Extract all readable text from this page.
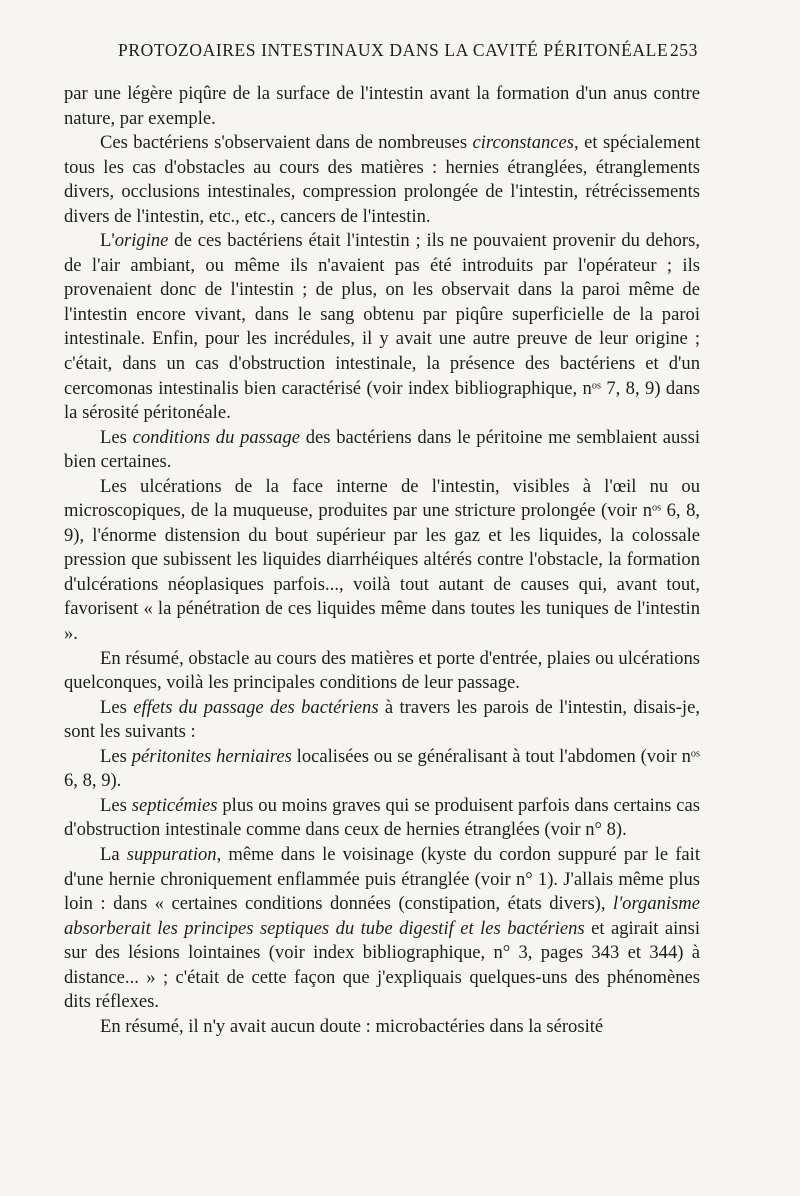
PROTOZOAIRES INTESTINAUX DANS LA CAVITÉ PÉRITONÉALE 253

par une légère piqûre de la surface de l'intestin avant la formation d'un anus contre nature, par exemple.

Ces bactériens s'observaient dans de nombreuses circonstances, et spécialement tous les cas d'obstacles au cours des matières : hernies étranglées, étranglements divers, occlusions intestinales, compression prolongée de l'intestin, rétrécissements divers de l'intestin, etc., etc., cancers de l'intestin.

L'origine de ces bactériens était l'intestin ; ils ne pouvaient provenir du dehors, de l'air ambiant, ou même ils n'avaient pas été introduits par l'opérateur ; ils provenaient donc de l'intestin ; de plus, on les observait dans la paroi même de l'intestin encore vivant, dans le sang obtenu par piqûre superficielle de la paroi intestinale. Enfin, pour les incrédules, il y avait une autre preuve de leur origine ; c'était, dans un cas d'obstruction intestinale, la présence des bactériens et d'un cercomonas intestinalis bien caractérisé (voir index bibliographique, $n^{os}$ 7, 8, 9) dans la sérosité péritonéale.

Les conditions du passage des bactériens dans le péritoine me semblaient aussi bien certaines.

Les ulcérations de la face interne de l'intestin, visibles à l'œil nu ou microscopiques, de la muqueuse, produites par une stricture prolongée (voir $n^{os}$ 6, 8, 9), l'énorme distension du bout supérieur par les gaz et les liquides, la colossale pression que subissent les liquides diarrhéiques altérés contre l'obstacle, la formation d'ulcérations néoplasiques parfois..., voilà tout autant de causes qui, avant tout, favorisent « la pénétration de ces liquides même dans toutes les tuniques de l'intestin ».

En résumé, obstacle au cours des matières et porte d'entrée, plaies ou ulcérations quelconques, voilà les principales conditions de leur passage.

Les effets du passage des bactériens à travers les parois de l'intestin, disais-je, sont les suivants :

Les péritonites herniaires localisées ou se généralisant à tout l'abdomen (voir $n^{os}$ 6, 8, 9).

Les septicémies plus ou moins graves qui se produisent parfois dans certains cas d'obstruction intestinale comme dans ceux de hernies étranglées (voir n° 8).

La suppuration, même dans le voisinage (kyste du cordon suppuré par le fait d'une hernie chroniquement enflammée puis étranglée (voir n° 1). J'allais même plus loin : dans « certaines conditions données (constipation, états divers), l'organisme absorberait les principes septiques du tube digestif et les bactériens et agirait ainsi sur des lésions lointaines (voir index bibliographique, n° 3, pages 343 et 344) à distance... » ; c'était de cette façon que j'expliquais quelques-uns des phénomènes dits réflexes.

En résumé, il n'y avait aucun doute : microbactéries dans la sérosité
